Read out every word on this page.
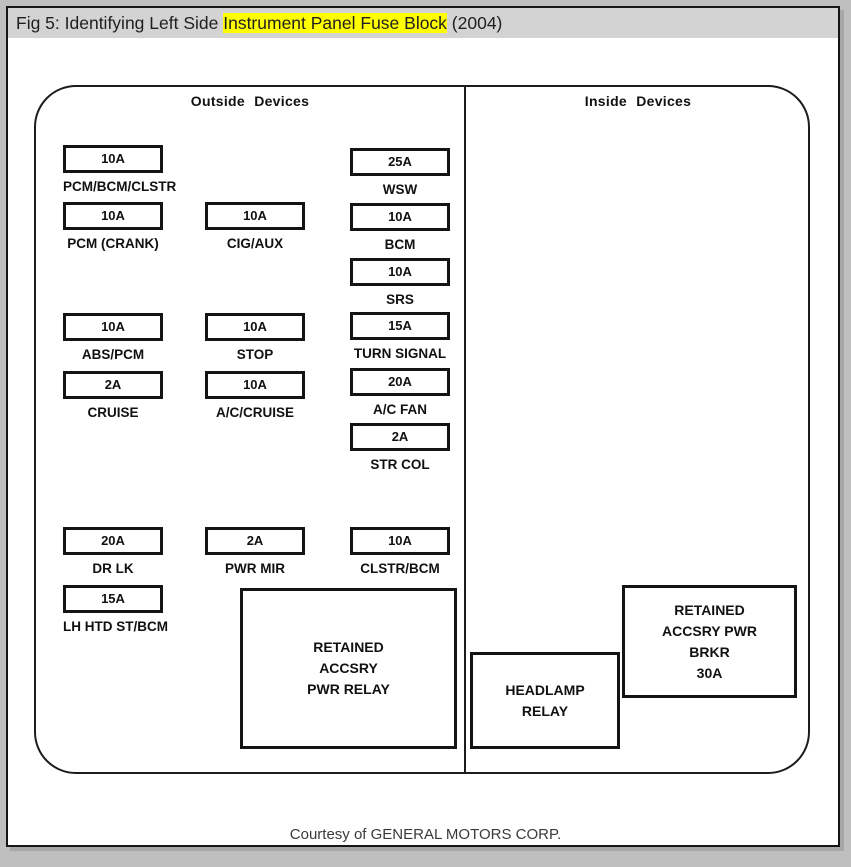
Fig 5: Identifying Left Side Instrument Panel Fuse Block (2004)
Outside Devices	Inside Devices
10A
PCM/BCM/CLSTR
10A
PCM (CRANK)
10A
ABS/PCM
2A
CRUISE
20A
DR LK
15A
LH HTD ST/BCM
10A
CIG/AUX
10A
STOP
10A
A/C/CRUISE
2A
PWR MIR
25A
WSW
10A
BCM
10A
SRS
15A
TURN SIGNAL
20A
A/C FAN
2A
STR COL
10A
CLSTR/BCM
RETAINED
ACCSRY
PWR RELAY	HEADLAMP
RELAY
RETAINED
ACCSRY PWR
BRKR
30A
Courtesy of GENERAL MOTORS CORP.
